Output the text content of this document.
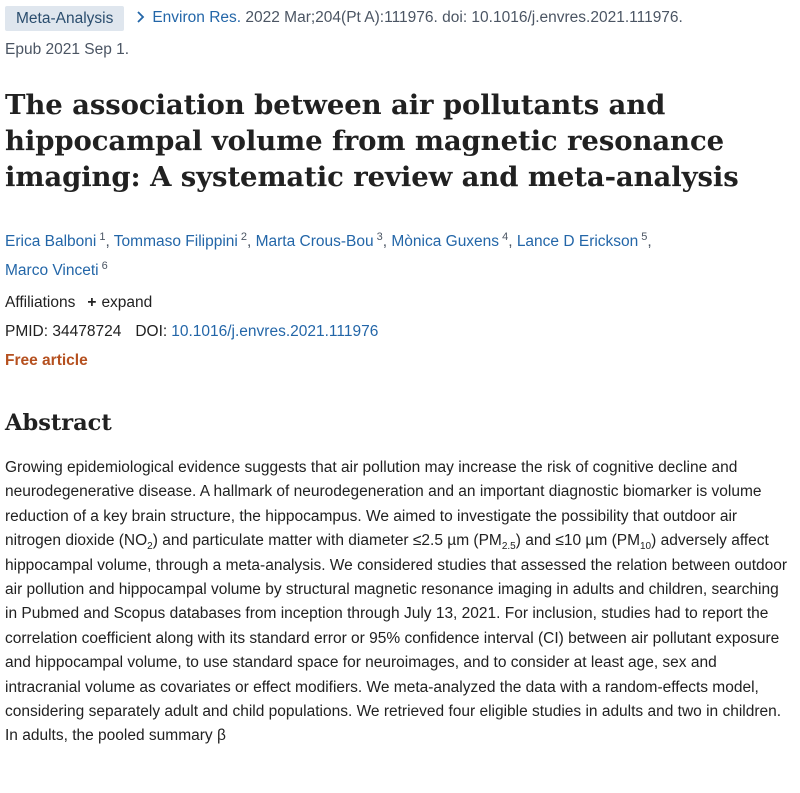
Meta-Analysis	Environ Res. 2022 Mar;204(Pt A):111976. doi: 10.1016/j.envres.2021.111976.
Epub 2021 Sep 1.
The association between air pollutants and hippocampal volume from magnetic resonance imaging: A systematic review and meta-analysis
Erica Balboni $^1$, Tommaso Filippini $^2$, Marta Crous-Bou $^3$, Mònica Guxens $^4$, Lance D Erickson $^5$,
Marco Vinceti $^6$
Affiliations + expand
PMID: 34478724 DOI: 10.1016/j.envres.2021.111976
Free article
Abstract

Growing epidemiological evidence suggests that air pollution may increase the risk of cognitive decline and neurodegenerative disease. A hallmark of neurodegeneration and an important diagnostic biomarker is volume reduction of a key brain structure, the hippocampus. We aimed to investigate the possibility that outdoor air nitrogen dioxide $(NO_2)$ and particulate matter with diameter ≤2.5 µm $(PM_{2.5})$ and ≤10 µm $(PM_{10})$ adversely affect hippocampal volume, through a meta-analysis. We considered studies that assessed the relation between outdoor air pollution and hippocampal volume by structural magnetic resonance imaging in adults and children, searching in Pubmed and Scopus databases from inception through July 13, 2021. For inclusion, studies had to report the correlation coefficient along with its standard error or 95% confidence interval (CI) between air pollutant exposure and hippocampal volume, to use standard space for neuroimages, and to consider at least age, sex and intracranial volume as covariates or effect modifiers. We meta-analyzed the data with a random-effects model, considering separately adult and child populations. We retrieved four eligible studies in adults and two in children. In adults, the pooled summary β
